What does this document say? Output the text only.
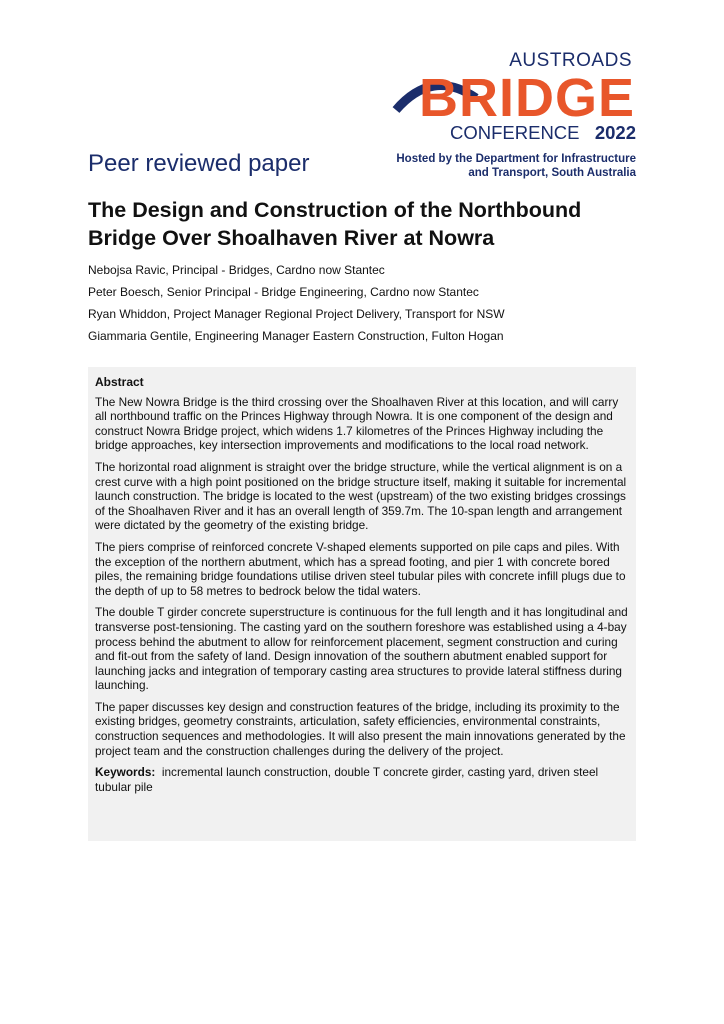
AUSTROADS
BRIDGE
CONFERENCE 2022
Peer reviewed paper	Hosted by the Department for Infrastructure
and Transport, South Australia
The Design and Construction of the Northbound Bridge Over Shoalhaven River at Nowra
Nebojsa Ravic, Principal - Bridges, Cardno now Stantec
Peter Boesch, Senior Principal - Bridge Engineering, Cardno now Stantec
Ryan Whiddon, Project Manager Regional Project Delivery, Transport for NSW
Giammaria Gentile, Engineering Manager Eastern Construction, Fulton Hogan

Abstract

The New Nowra Bridge is the third crossing over the Shoalhaven River at this location, and will carry all northbound traffic on the Princes Highway through Nowra. It is one component of the design and construct Nowra Bridge project, which widens 1.7 kilometres of the Princes Highway including the bridge approaches, key intersection improvements and modifications to the local road network.

The horizontal road alignment is straight over the bridge structure, while the vertical alignment is on a crest curve with a high point positioned on the bridge structure itself, making it suitable for incremental launch construction. The bridge is located to the west (upstream) of the two existing bridges crossings of the Shoalhaven River and it has an overall length of 359.7m. The 10-span length and arrangement were dictated by the geometry of the existing bridge.

The piers comprise of reinforced concrete V-shaped elements supported on pile caps and piles. With the exception of the northern abutment, which has a spread footing, and pier 1 with concrete bored piles, the remaining bridge foundations utilise driven steel tubular piles with concrete infill plugs due to the depth of up to 58 metres to bedrock below the tidal waters.

The double T girder concrete superstructure is continuous for the full length and it has longitudinal and transverse post-tensioning. The casting yard on the southern foreshore was established using a 4-bay process behind the abutment to allow for reinforcement placement, segment construction and curing and fit-out from the safety of land. Design innovation of the southern abutment enabled support for launching jacks and integration of temporary casting area structures to provide lateral stiffness during launching.

The paper discusses key design and construction features of the bridge, including its proximity to the existing bridges, geometry constraints, articulation, safety efficiencies, environmental constraints, construction sequences and methodologies. It will also present the main innovations generated by the project team and the construction challenges during the delivery of the project.

Keywords: incremental launch construction, double T concrete girder, casting yard, driven steel tubular pile
